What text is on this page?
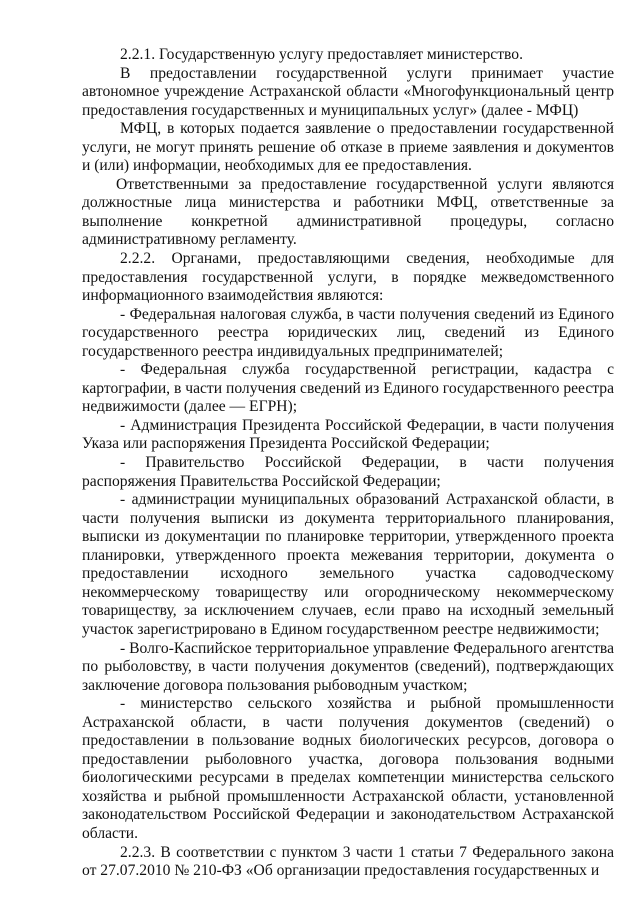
2.2.1. Государственную услугу предоставляет министерство.

В предоставлении государственной услуги принимает участие автономное учреждение Астраханской области «Многофункциональный центр предоставления государственных и муниципальных услуг» (далее - МФЦ)

МФЦ, в которых подается заявление о предоставлении государственной услуги, не могут принять решение об отказе в приеме заявления и документов и (или) информации, необходимых для ее предоставления.

Ответственными за предоставление государственной услуги являются должностные лица министерства и работники МФЦ, ответственные за выполнение конкретной административной процедуры, согласно административному регламенту.

2.2.2. Органами, предоставляющими сведения, необходимые для предоставления государственной услуги, в порядке межведомственного информационного взаимодействия являются:

- Федеральная налоговая служба, в части получения сведений из Единого государственного реестра юридических лиц, сведений из Единого государственного реестра индивидуальных предпринимателей;

- Федеральная служба государственной регистрации, кадастра с картографии, в части получения сведений из Единого государственного реестра недвижимости (далее — ЕГРН);

- Администрация Президента Российской Федерации, в части получения Указа или распоряжения Президента Российской Федерации;

- Правительство Российской Федерации, в части получения распоряжения Правительства Российской Федерации;

- администрации муниципальных образований Астраханской области, в части получения выписки из документа территориального планирования, выписки из документации по планировке территории, утвержденного проекта планировки, утвержденного проекта межевания территории, документа о предоставлении исходного земельного участка садоводческому некоммерческому товариществу или огородническому некоммерческому товариществу, за исключением случаев, если право на исходный земельный участок зарегистрировано в Едином государственном реестре недвижимости;

- Волго-Каспийское территориальное управление Федерального агентства по рыболовству, в части получения документов (сведений), подтверждающих заключение договора пользования рыбоводным участком;

- министерство сельского хозяйства и рыбной промышленности Астраханской области, в части получения документов (сведений) о предоставлении в пользование водных биологических ресурсов, договора о предоставлении рыболовного участка, договора пользования водными биологическими ресурсами в пределах компетенции министерства сельского хозяйства и рыбной промышленности Астраханской области, установленной законодательством Российской Федерации и законодательством Астраханской области.

2.2.3. В соответствии с пунктом 3 части 1 статьи 7 Федерального закона от 27.07.2010 № 210-ФЗ «Об организации предоставления государственных и
